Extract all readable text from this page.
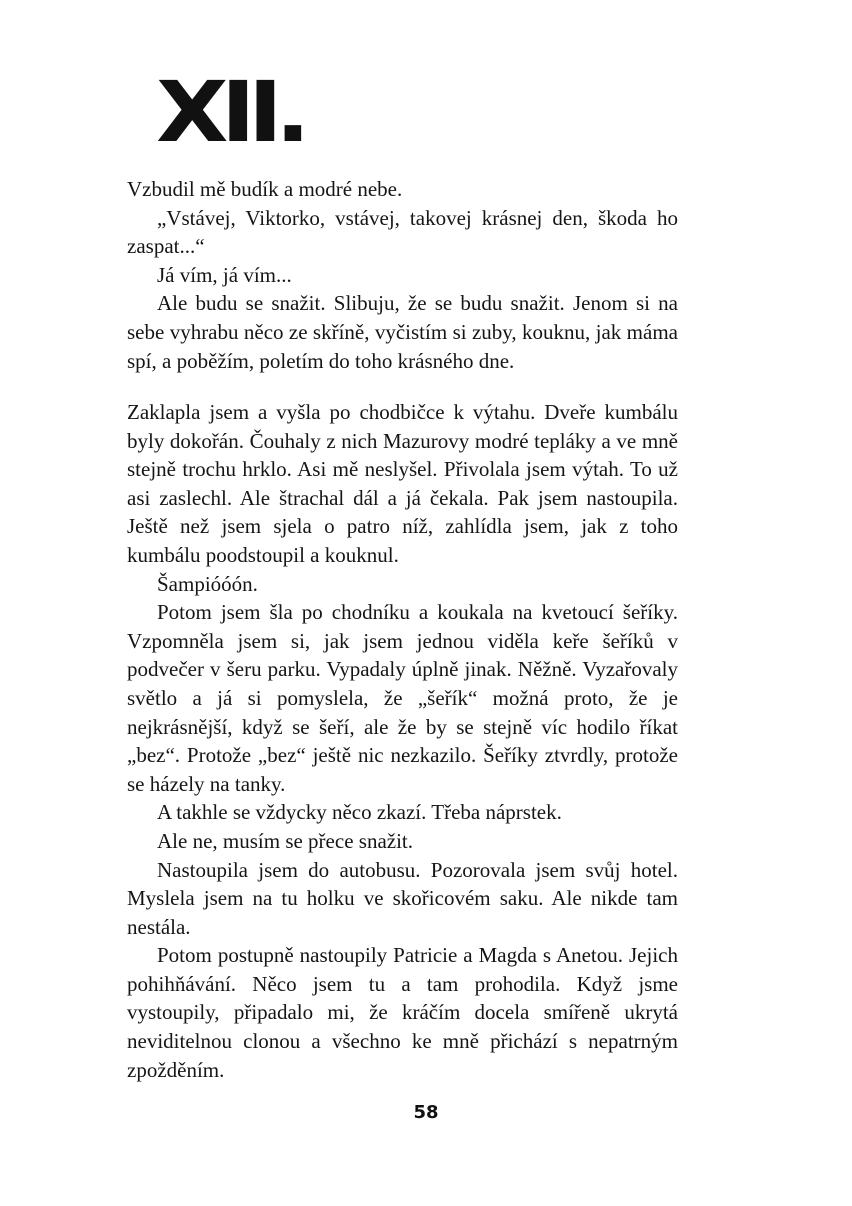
XII.

Vzbudil mě budík a modré nebe.

„Vstávej, Viktorko, vstávej, takovej krásnej den, škoda ho zaspat...“

Já vím, já vím...

Ale budu se snažit. Slibuju, že se budu snažit. Jenom si na sebe vyhrabu něco ze skříně, vyčistím si zuby, kouknu, jak máma spí, a poběžím, poletím do toho krásného dne.

Zaklapla jsem a vyšla po chodbičce k výtahu. Dveře kumbálu byly dokořán. Čouhaly z nich Mazurovy modré tepláky a ve mně stejně trochu hrklo. Asi mě neslyšel. Přivolala jsem výtah. To už asi zaslechl. Ale štrachal dál a já čekala. Pak jsem nastoupila. Ještě než jsem sjela o patro níž, zahlídla jsem, jak z toho kumbálu poodstoupil a kouknul.

Šampióóón.

Potom jsem šla po chodníku a koukala na kvetoucí šeříky. Vzpomněla jsem si, jak jsem jednou viděla keře šeříků v podvečer v šeru parku. Vypadaly úplně jinak. Něžně. Vyzařovaly světlo a já si pomyslela, že „šeřík“ možná proto, že je nejkrásnější, když se šeří, ale že by se stejně víc hodilo říkat „bez“. Protože „bez“ ještě nic nezkazilo. Šeříky ztvrdly, protože se házely na tanky.

A takhle se vždycky něco zkazí. Třeba náprstek.

Ale ne, musím se přece snažit.

Nastoupila jsem do autobusu. Pozorovala jsem svůj hotel. Myslela jsem na tu holku ve skořicovém saku. Ale nikde tam nestála.

Potom postupně nastoupily Patricie a Magda s Anetou. Jejich pohihňávání. Něco jsem tu a tam prohodila. Když jsme vystoupily, připadalo mi, že kráčím docela smířeně ukrytá neviditelnou clonou a všechno ke mně přichází s nepatrným zpožděním.

58
